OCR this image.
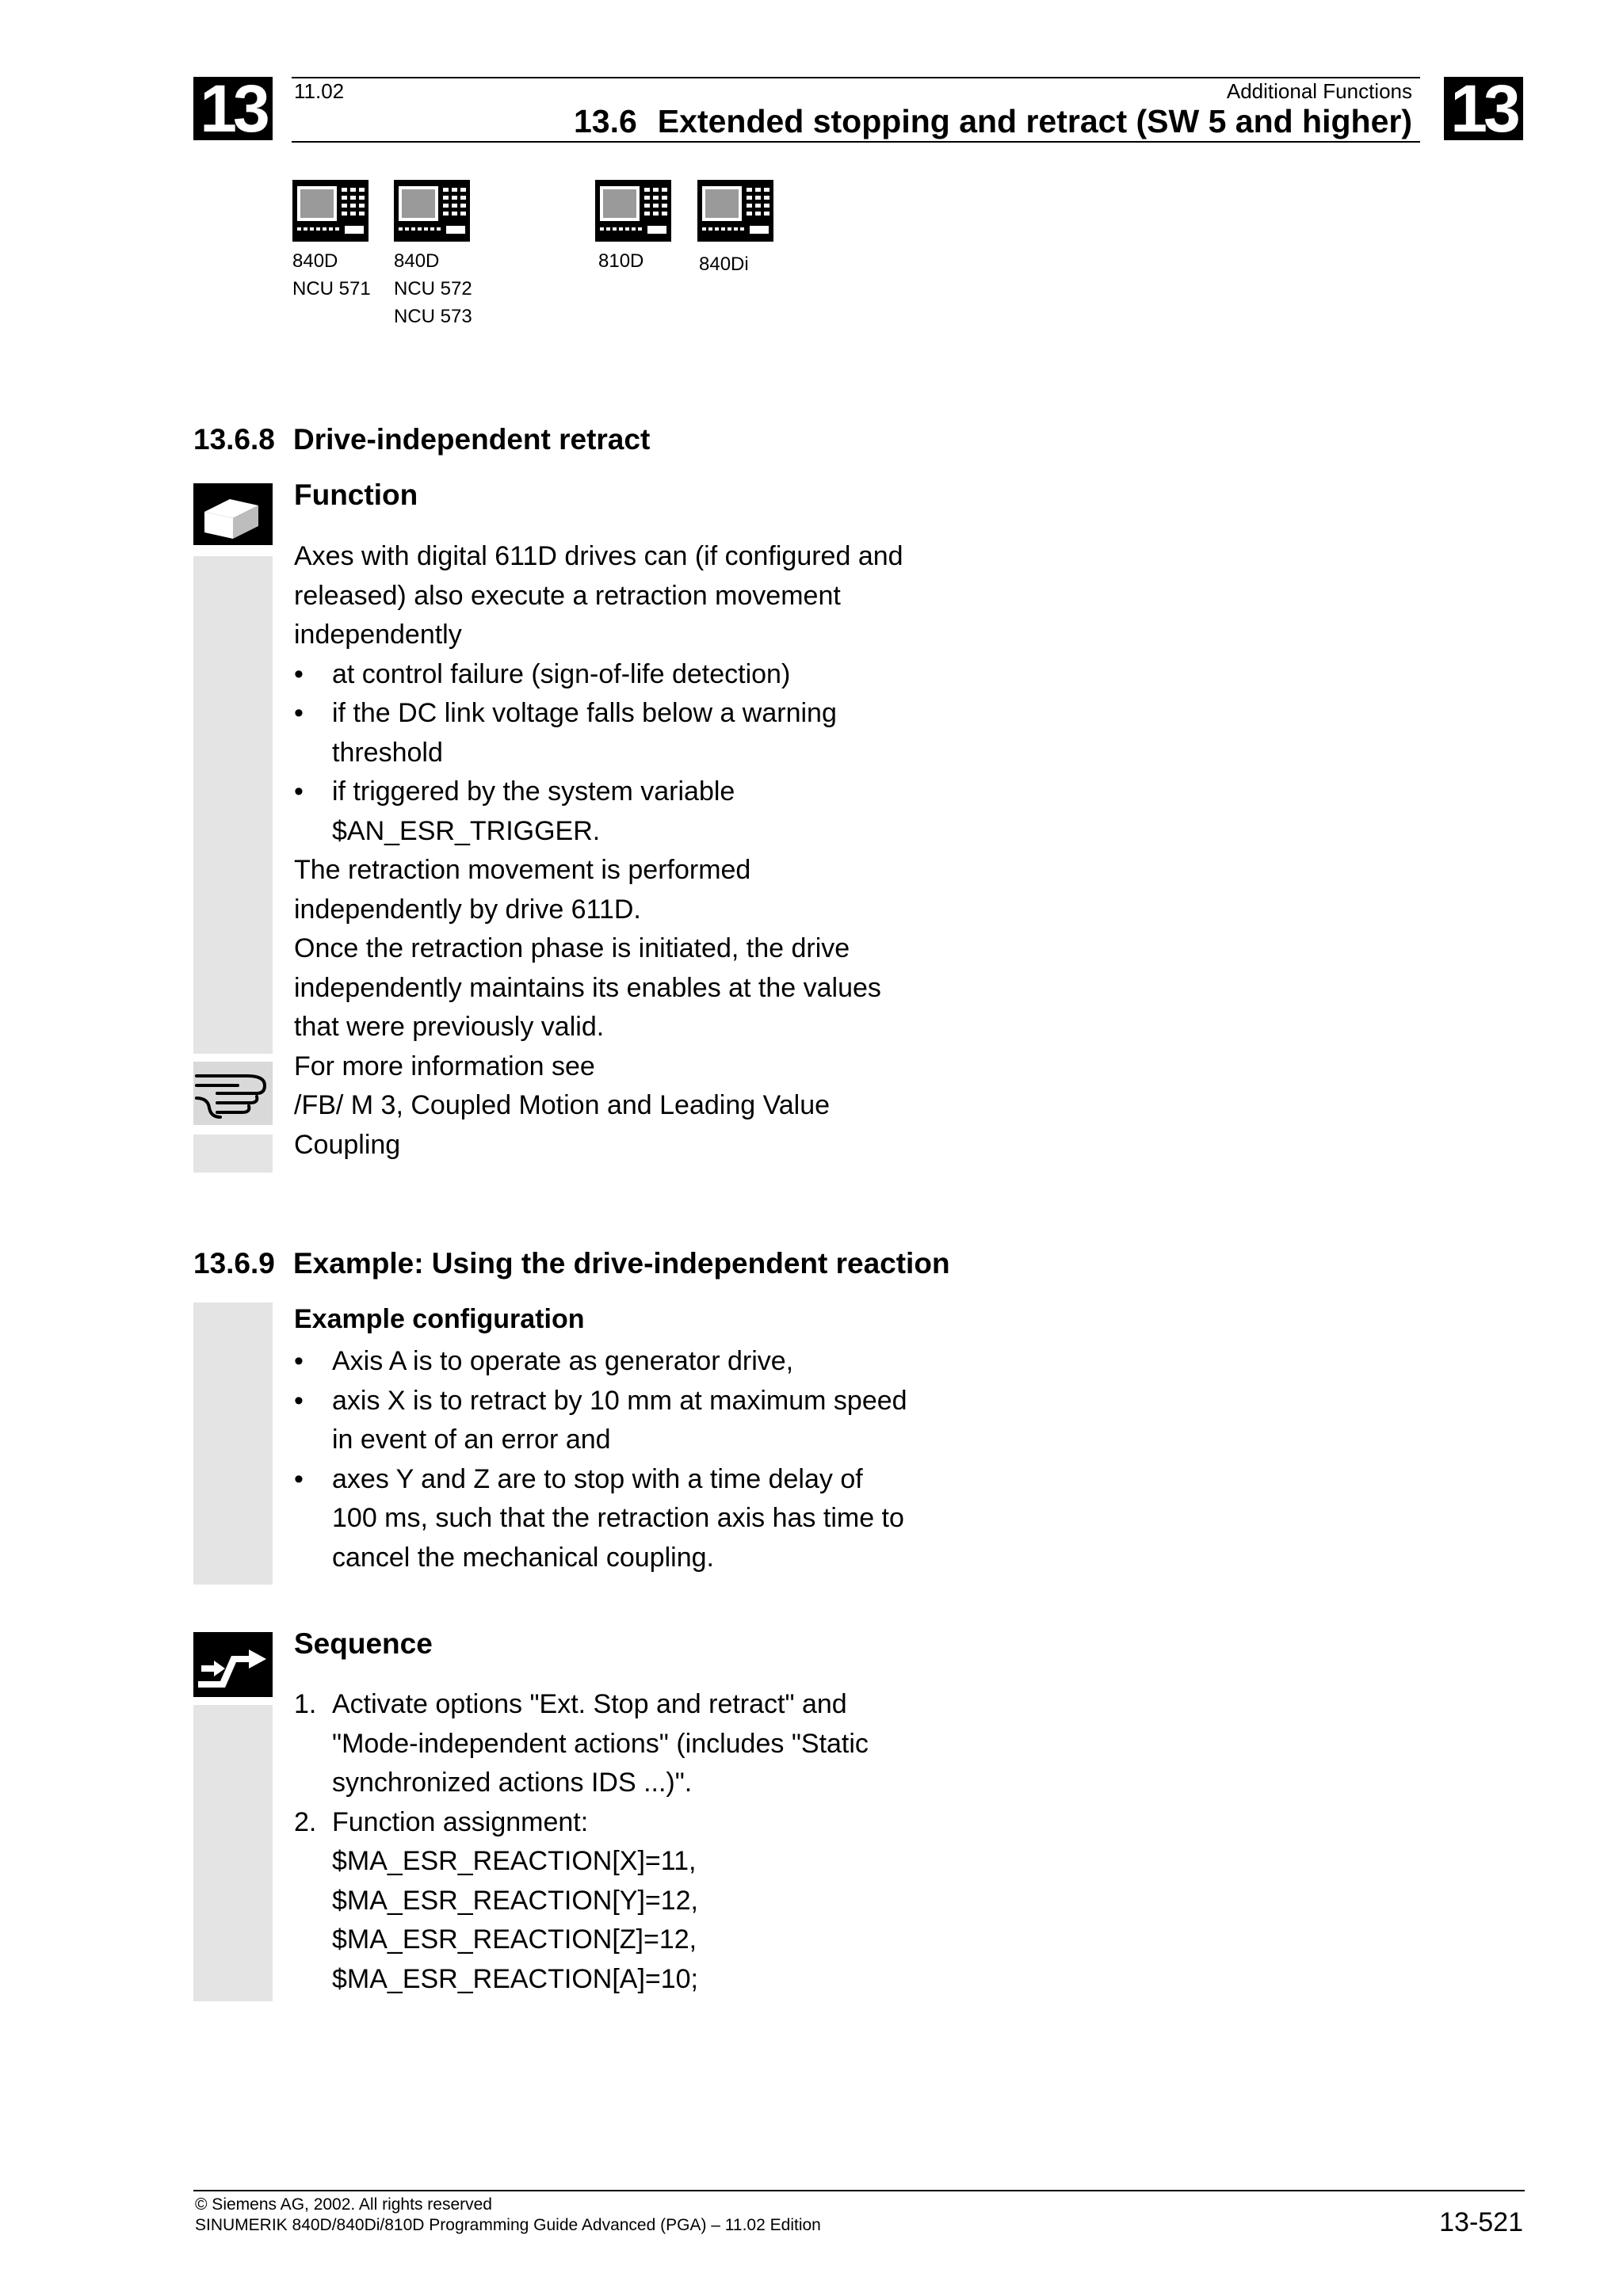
13	13
11.02	Additional Functions
13.6 Extended stopping and retract (SW 5 and higher)
840D
NCU 571
840D
NCU 572
NCU 573
810D	840Di
13.6.8 Drive-independent retract
Function

Axes with digital 611D drives can (if configured and
released) also execute a retraction movement
independently

• at control failure (sign-of-life detection)
• if the DC link voltage falls below a warning
threshold
• if triggered by the system variable
$AN_ESR_TRIGGER.

The retraction movement is performed
independently by drive 611D.

Once the retraction phase is initiated, the drive
independently maintains its enables at the values
that were previously valid.

For more information see
/FB/ M 3, Coupled Motion and Leading Value
Coupling

13.6.9 Example: Using the drive-independent reaction
Example configuration
• Axis A is to operate as generator drive,
• axis X is to retract by 10 mm at maximum speed
in event of an error and
• axes Y and Z are to stop with a time delay of
100 ms, such that the retraction axis has time to
cancel the mechanical coupling.
Sequence
1. Activate options "Ext. Stop and retract" and
"Mode-independent actions" (includes "Static
synchronized actions IDS ...)".
2. Function assignment:
$MA_ESR_REACTION[X]=11,
$MA_ESR_REACTION[Y]=12,
$MA_ESR_REACTION[Z]=12,
$MA_ESR_REACTION[A]=10;
© Siemens AG, 2002. All rights reserved
SINUMERIK 840D/840Di/810D Programming Guide Advanced (PGA) – 11.02 Edition	13-521
